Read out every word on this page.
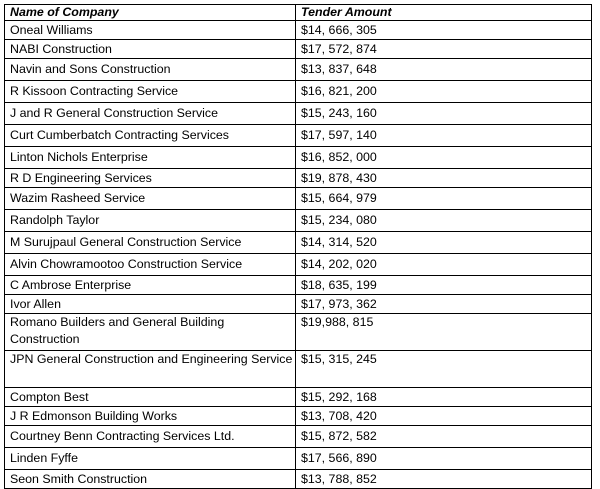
Name of Company	Tender Amount
Oneal Williams	$14, 666, 305
NABI Construction	$17, 572, 874
Navin and Sons Construction	$13, 837, 648
R Kissoon Contracting Service	$16, 821, 200
J and R General Construction Service	$15, 243, 160
Curt Cumberbatch Contracting Services	$17, 597, 140
Linton Nichols Enterprise	$16, 852, 000
R D Engineering Services	$19, 878, 430
Wazim Rasheed Service	$15, 664, 979
Randolph Taylor	$15, 234, 080
M Surujpaul General Construction Service	$14, 314, 520
Alvin Chowramootoo Construction Service	$14, 202, 020
C Ambrose Enterprise	$18, 635, 199
Ivor Allen	$17, 973, 362
Romano Builders and General Building Construction	$19,988, 815
JPN General Construction and Engineering Service	$15, 315, 245
Compton Best	$15, 292, 168
J R Edmonson Building Works	$13, 708, 420
Courtney Benn Contracting Services Ltd.	$15, 872, 582
Linden Fyffe	$17, 566, 890
Seon Smith Construction	$13, 788, 852
